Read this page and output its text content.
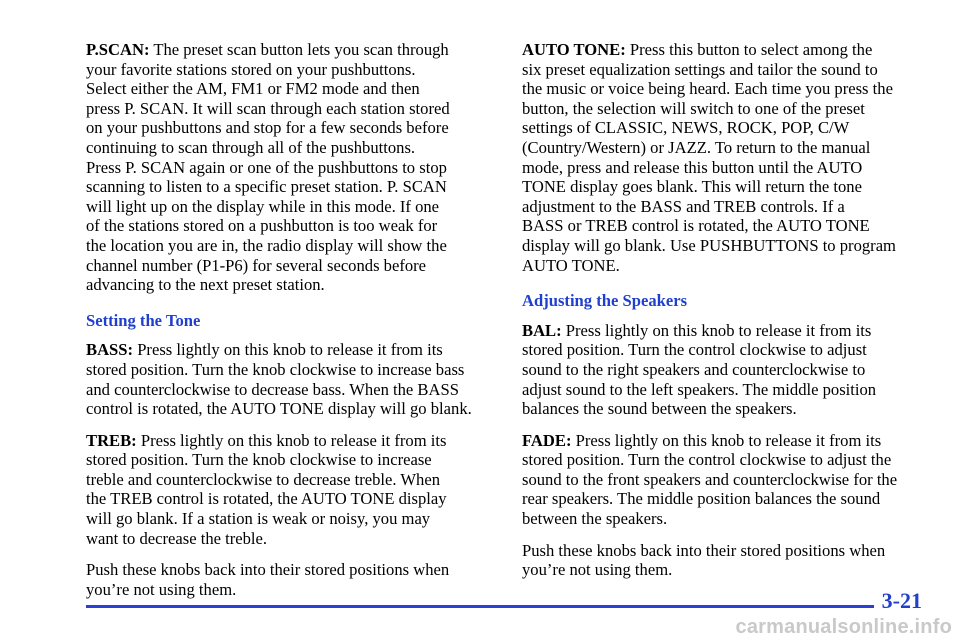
P.SCAN: The preset scan button lets you scan through
your favorite stations stored on your pushbuttons.
Select either the AM, FM1 or FM2 mode and then
press P. SCAN. It will scan through each station stored
on your pushbuttons and stop for a few seconds before
continuing to scan through all of the pushbuttons.
Press P. SCAN again or one of the pushbuttons to stop
scanning to listen to a specific preset station. P. SCAN
will light up on the display while in this mode. If one
of the stations stored on a pushbutton is too weak for
the location you are in, the radio display will show the
channel number (P1-P6) for several seconds before
advancing to the next preset station.

Setting the Tone

BASS: Press lightly on this knob to release it from its
stored position. Turn the knob clockwise to increase bass
and counterclockwise to decrease bass. When the BASS
control is rotated, the AUTO TONE display will go blank.

TREB: Press lightly on this knob to release it from its
stored position. Turn the knob clockwise to increase
treble and counterclockwise to decrease treble. When
the TREB control is rotated, the AUTO TONE display
will go blank. If a station is weak or noisy, you may
want to decrease the treble.

Push these knobs back into their stored positions when
you’re not using them.

AUTO TONE: Press this button to select among the
six preset equalization settings and tailor the sound to
the music or voice being heard. Each time you press the
button, the selection will switch to one of the preset
settings of CLASSIC, NEWS, ROCK, POP, C/W
(Country/Western) or JAZZ. To return to the manual
mode, press and release this button until the AUTO
TONE display goes blank. This will return the tone
adjustment to the BASS and TREB controls. If a
BASS or TREB control is rotated, the AUTO TONE
display will go blank. Use PUSHBUTTONS to program
AUTO TONE.

Adjusting the Speakers

BAL: Press lightly on this knob to release it from its
stored position. Turn the control clockwise to adjust
sound to the right speakers and counterclockwise to
adjust sound to the left speakers. The middle position
balances the sound between the speakers.

FADE: Press lightly on this knob to release it from its
stored position. Turn the control clockwise to adjust the
sound to the front speakers and counterclockwise for the
rear speakers. The middle position balances the sound
between the speakers.

Push these knobs back into their stored positions when
you’re not using them.

3-21
carmanualsonline.info
